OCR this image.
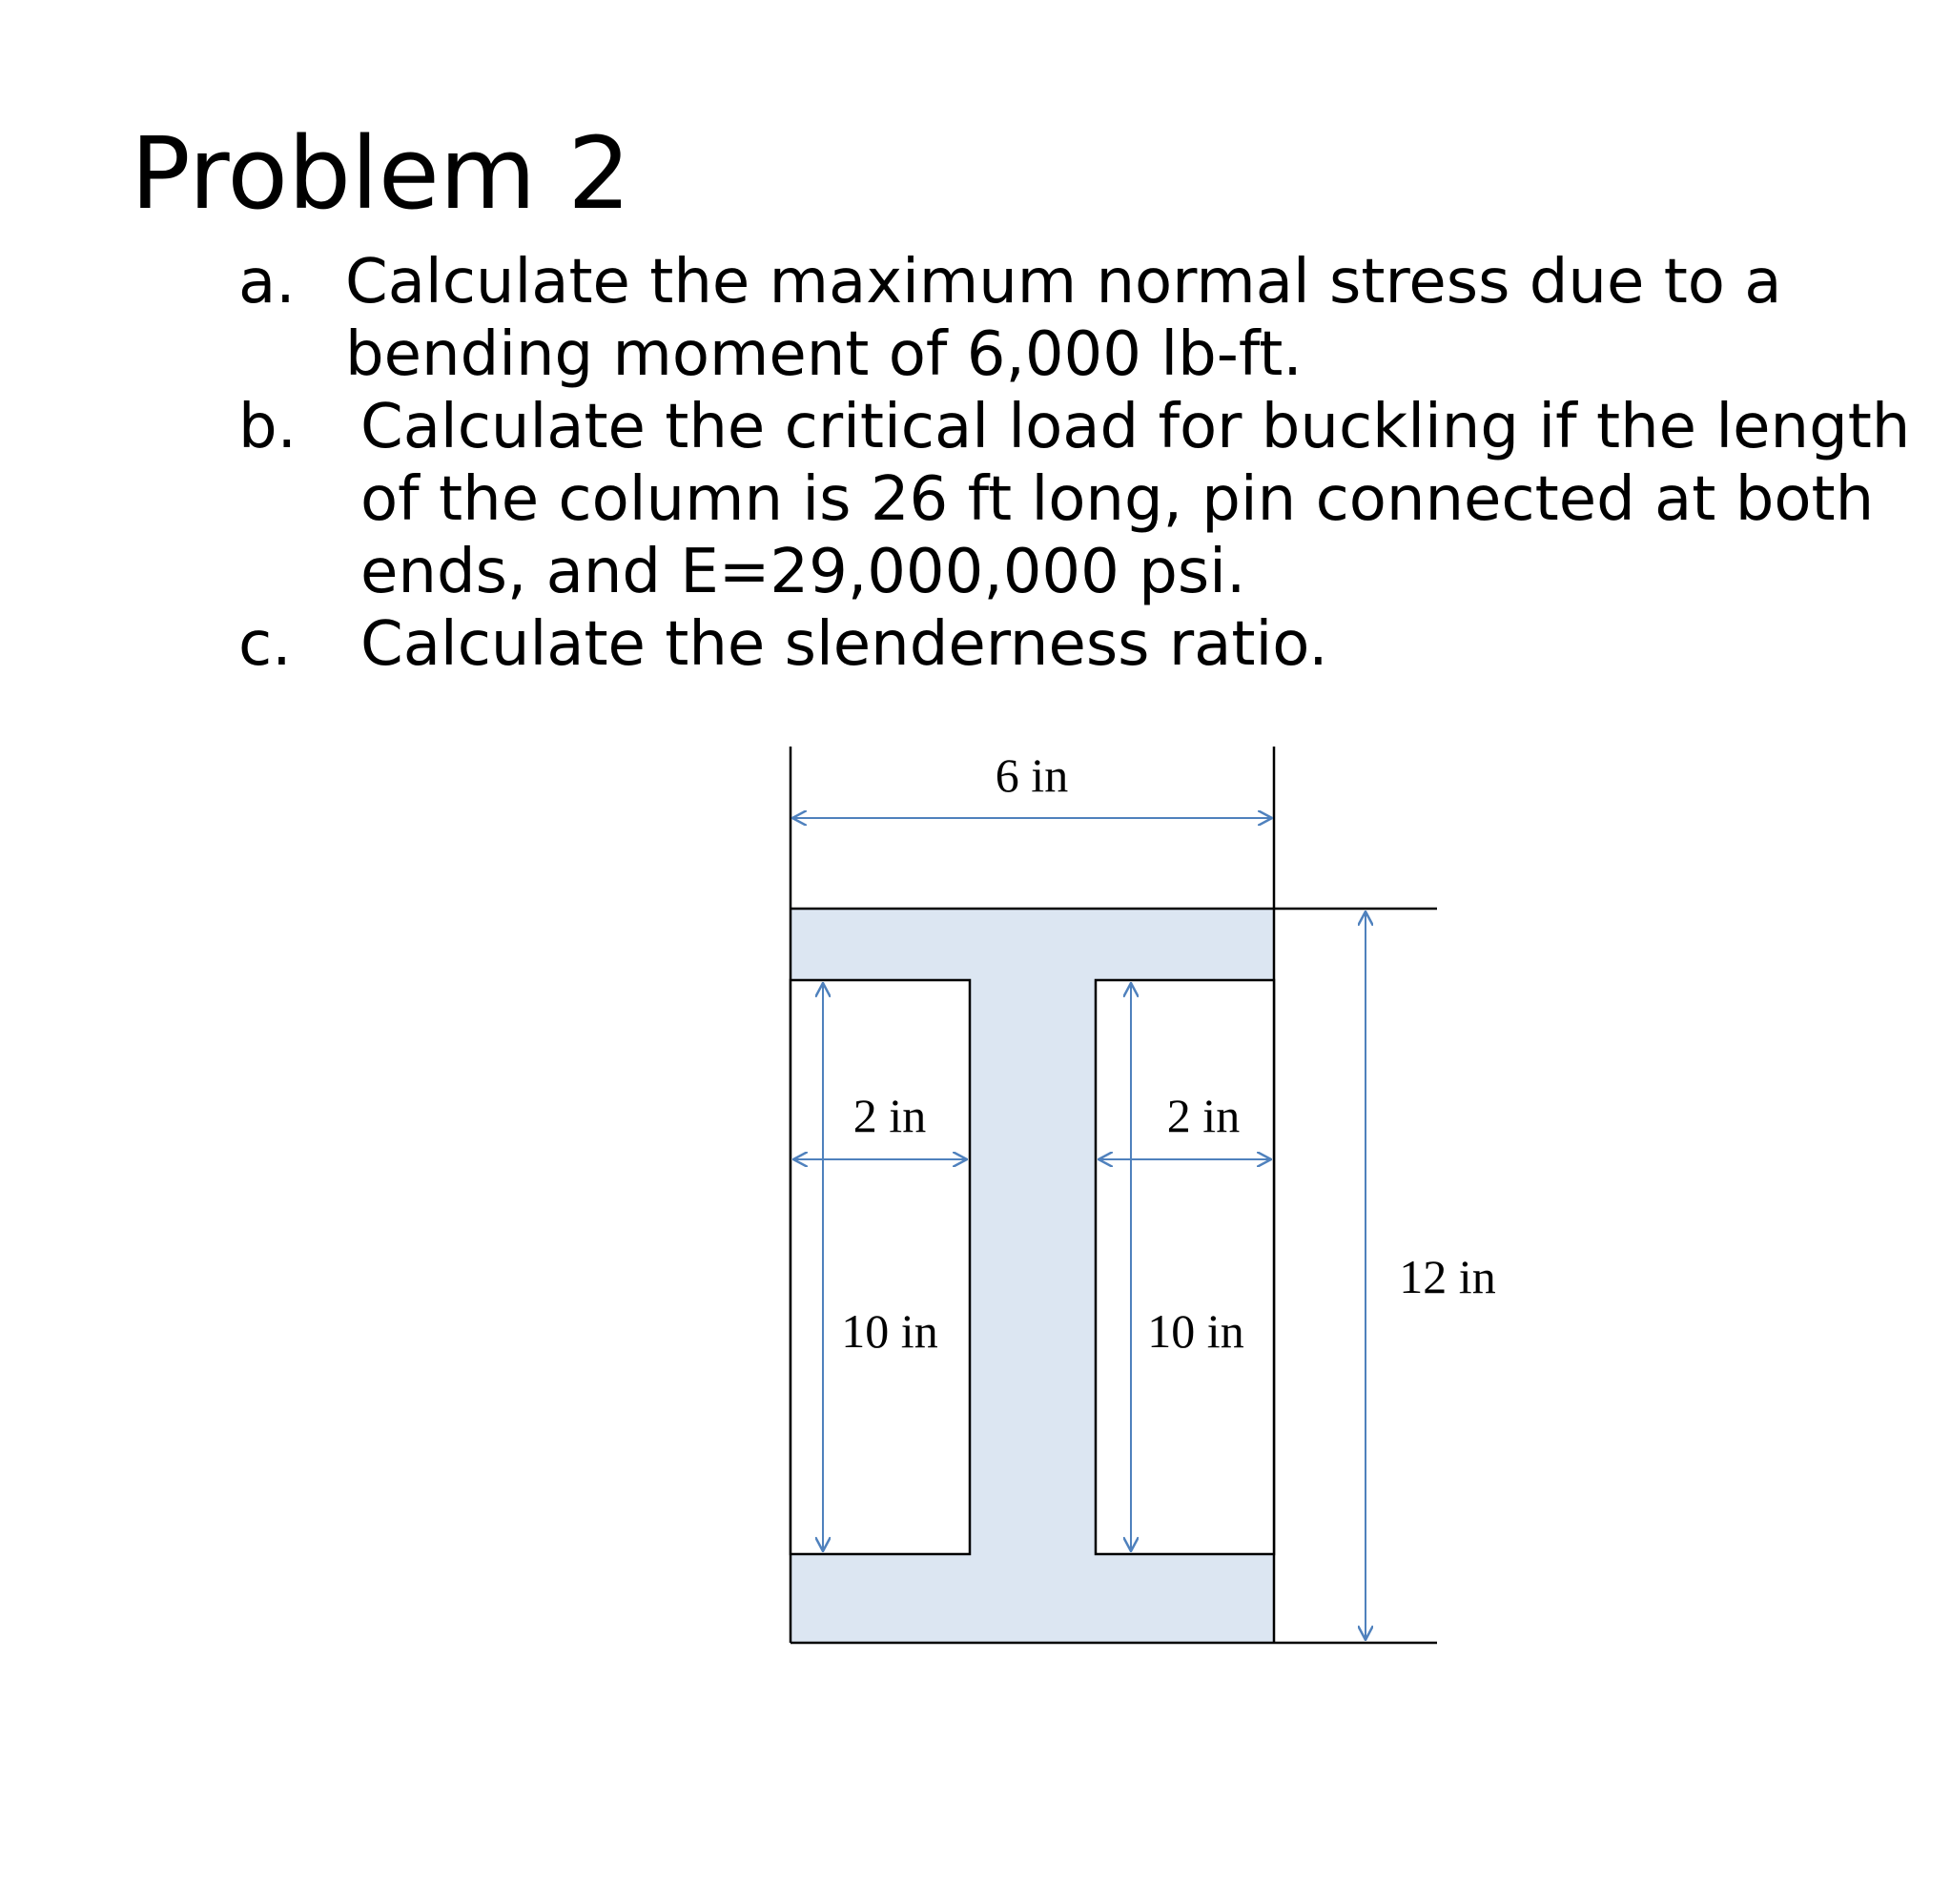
Problem 2
a. Calculate the maximum normal stress due to a
bending moment of 6,000 lb-ft.
b. Calculate the critical load for buckling if the length
of the column is 26 ft long, pin connected at both
ends, and E=29,000,000 psi.
c. Calculate the slenderness ratio.
6 in
2 in	2 in
10 in	10 in
12 in
